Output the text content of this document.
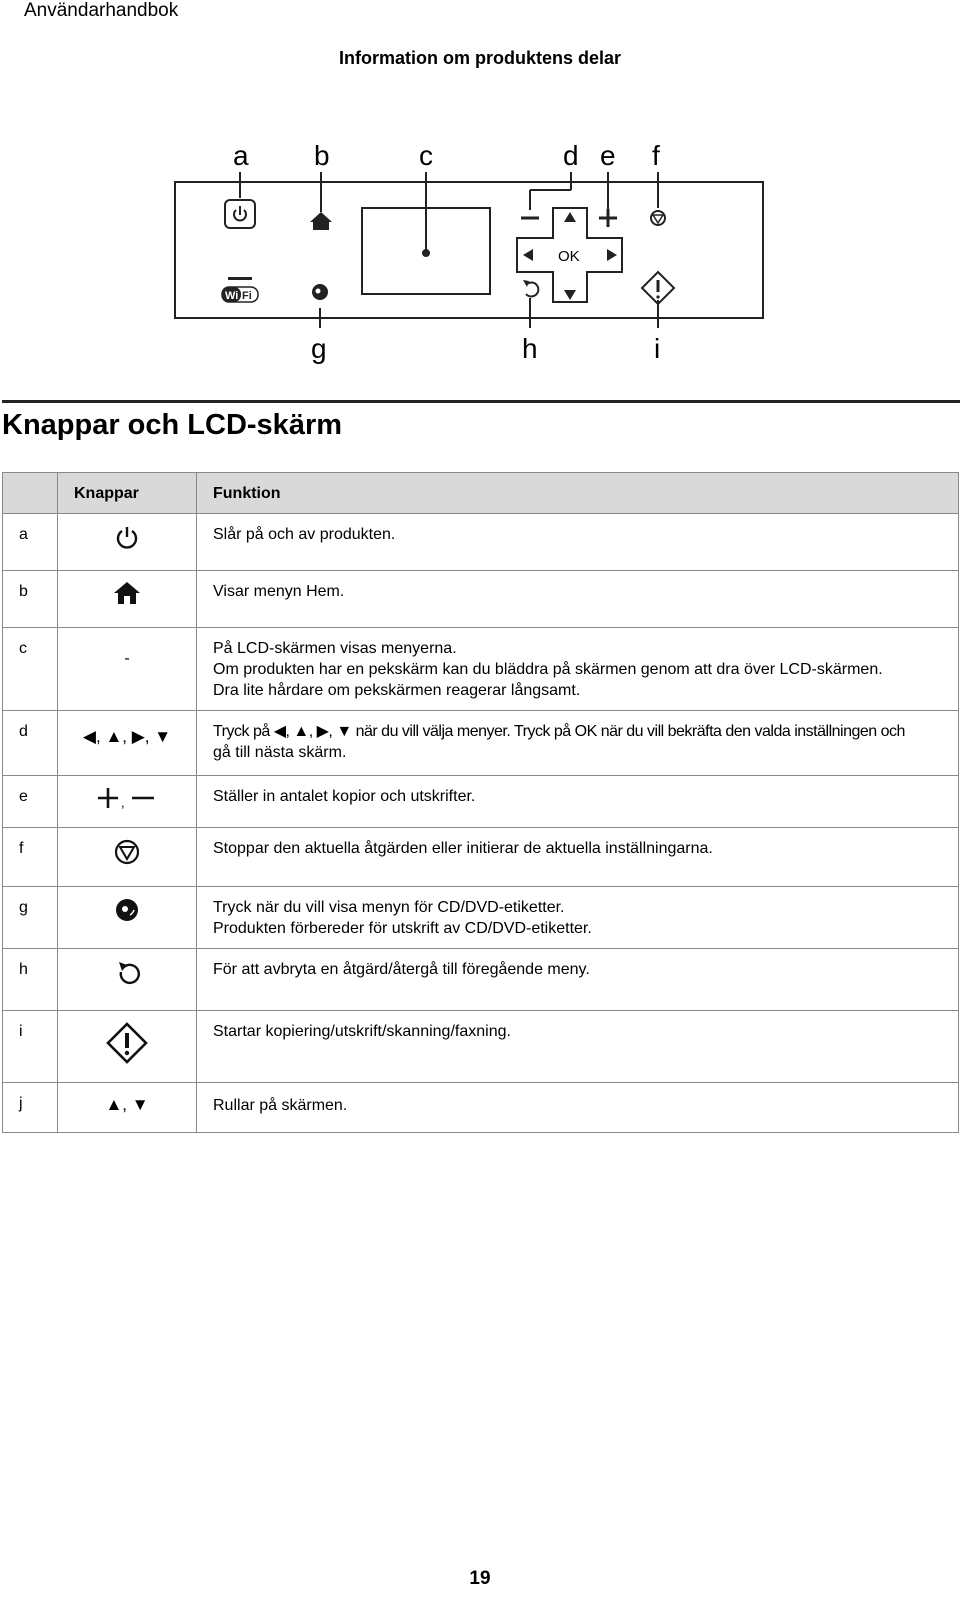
Användarhandbok
Information om produktens delar
a b	c	d e f
g	h	i
OK
Wi Fi
Knappar och LCD-skärm
	Knappar	Funktion
a		Slår på och av produkten.

b		Visar menyn Hem.

c	-	På LCD-skärmen visas menyerna.
Om produkten har en pekskärm kan du bläddra på skärmen genom att dra över LCD-skärmen.
Dra lite hårdare om pekskärmen reagerar långsamt.

d	◀, ▲, ▶, ▼	Tryck på ◀, ▲, ▶, ▼ när du vill välja menyer. Tryck på OK när du vill bekräfta den valda inställningen och
gå till nästa skärm.

e	,	Ställer in antalet kopior och utskrifter.

f		Stoppar den aktuella åtgärden eller initierar de aktuella inställningarna.

g		Tryck när du vill visa menyn för CD/DVD-etiketter.
Produkten förbereder för utskrift av CD/DVD-etiketter.

h		För att avbryta en åtgärd/återgå till föregående meny.

i		Startar kopiering/utskrift/skanning/faxning.

j	▲, ▼	Rullar på skärmen.
19
